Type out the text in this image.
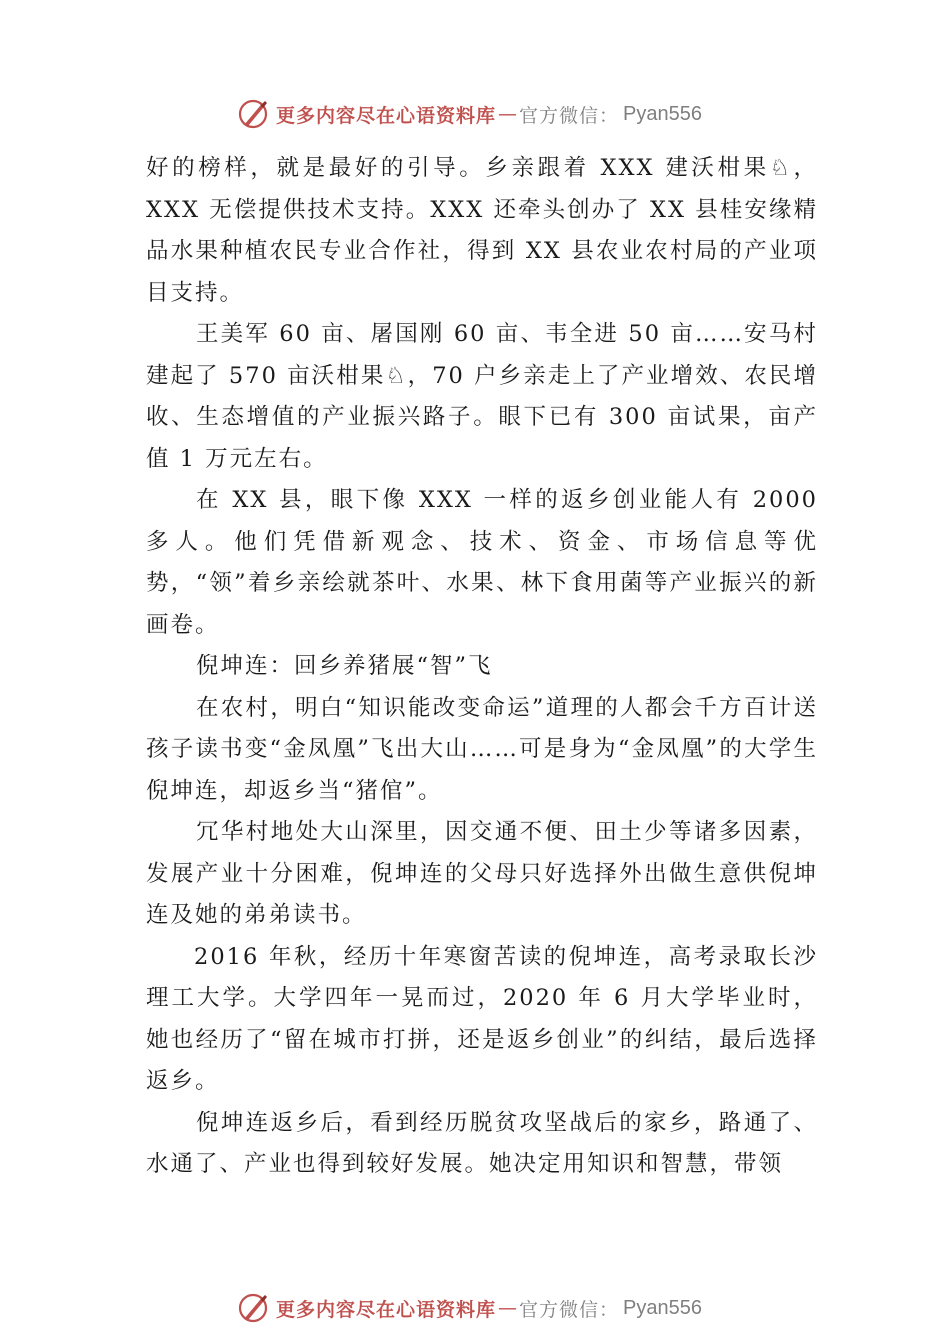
更多内容尽在心语资料库 — 官方微信： Pyan556

好的榜样，就是最好的引导。乡亲跟着 XXX 建沃柑果♘，XXX 无偿提供技术支持。XXX 还牵头创办了 XX 县桂安缘精品水果种植农民专业合作社，得到 XX 县农业农村局的产业项目支持。

王美军 60 亩、屠国刚 60 亩、韦全进 50 亩……安马村建起了 570 亩沃柑果♘，70 户乡亲走上了产业增效、农民增收、生态增值的产业振兴路子。眼下已有 300 亩试果，亩产值 1 万元左右。

在 XX 县，眼下像 XXX 一样的返乡创业能人有 2000 多人。他们凭借新观念、技术、资金、市场信息等优势，“领”着乡亲绘就茶叶、水果、林下食用菌等产业振兴的新画卷。

倪坤连：回乡养猪展“智”飞

在农村，明白“知识能改变命运”道理的人都会千方百计送孩子读书变“金凤凰”飞出大山……可是身为“金凤凰”的大学生倪坤连，却返乡当“猪倌”。

冗华村地处大山深里，因交通不便、田土少等诸多因素，发展产业十分困难，倪坤连的父母只好选择外出做生意供倪坤连及她的弟弟读书。

2016 年秋，经历十年寒窗苦读的倪坤连，高考录取长沙理工大学。大学四年一晃而过，2020 年 6 月大学毕业时，她也经历了“留在城市打拼，还是返乡创业”的纠结，最后选择返乡。

倪坤连返乡后，看到经历脱贫攻坚战后的家乡，路通了、水通了、产业也得到较好发展。她决定用知识和智慧，带领

更多内容尽在心语资料库 — 官方微信： Pyan556
